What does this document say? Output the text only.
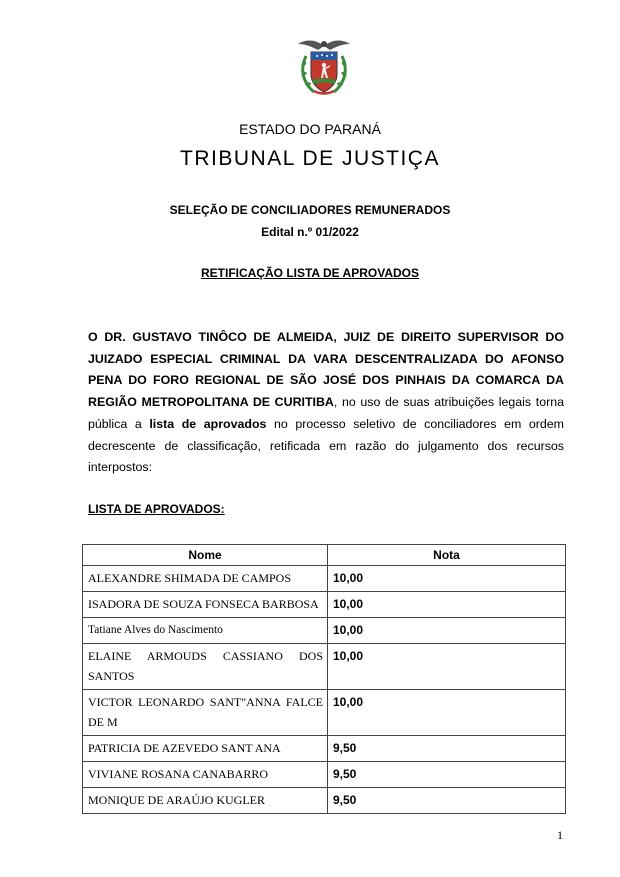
ESTADO DO PARANÁ
TRIBUNAL DE JUSTIÇA
SELEÇÃO DE CONCILIADORES REMUNERADOS
Edital n.º 01/2022
RETIFICAÇÃO LISTA DE APROVADOS
O DR. GUSTAVO TINÔCO DE ALMEIDA, JUIZ DE DIREITO SUPERVISOR DO JUIZADO ESPECIAL CRIMINAL DA VARA DESCENTRALIZADA DO AFONSO PENA DO FORO REGIONAL DE SÃO JOSÉ DOS PINHAIS DA COMARCA DA REGIÃO METROPOLITANA DE CURITIBA, no uso de suas atribuições legais torna pública a lista de aprovados no processo seletivo de conciliadores em ordem decrescente de classificação, retificada em razão do julgamento dos recursos interpostos:
LISTA DE APROVADOS:
Nome	Nota
ALEXANDRE SHIMADA DE CAMPOS	10,00
ISADORA DE SOUZA FONSECA BARBOSA	10,00
Tatiane Alves do Nascimento	10,00
ELAINE ARMOUDS CASSIANO DOS SANTOS	10,00
VICTOR LEONARDO SANT"ANNA FALCE DE M	10,00
PATRICIA DE AZEVEDO SANT ANA	9,50
VIVIANE ROSANA CANABARRO	9,50
MONIQUE DE ARAÚJO KUGLER	9,50
1
